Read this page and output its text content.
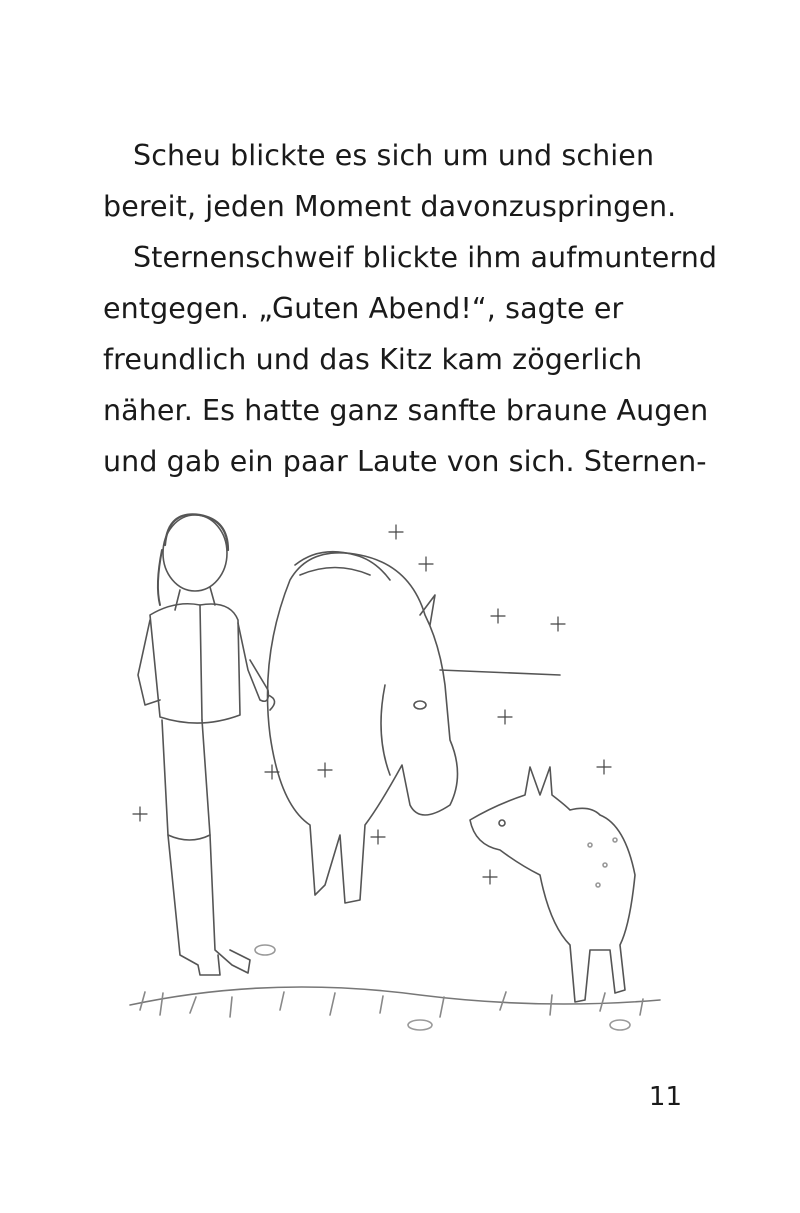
Scheu blickte es sich um und schien
bereit, jeden Moment davonzuspringen.
Sternenschweif blickte ihm aufmunternd
entgegen. „Guten Abend!“, sagte er
freundlich und das Kitz kam zögerlich
näher. Es hatte ganz sanfte braune Augen
und gab ein paar Laute von sich. Sternen-
11
